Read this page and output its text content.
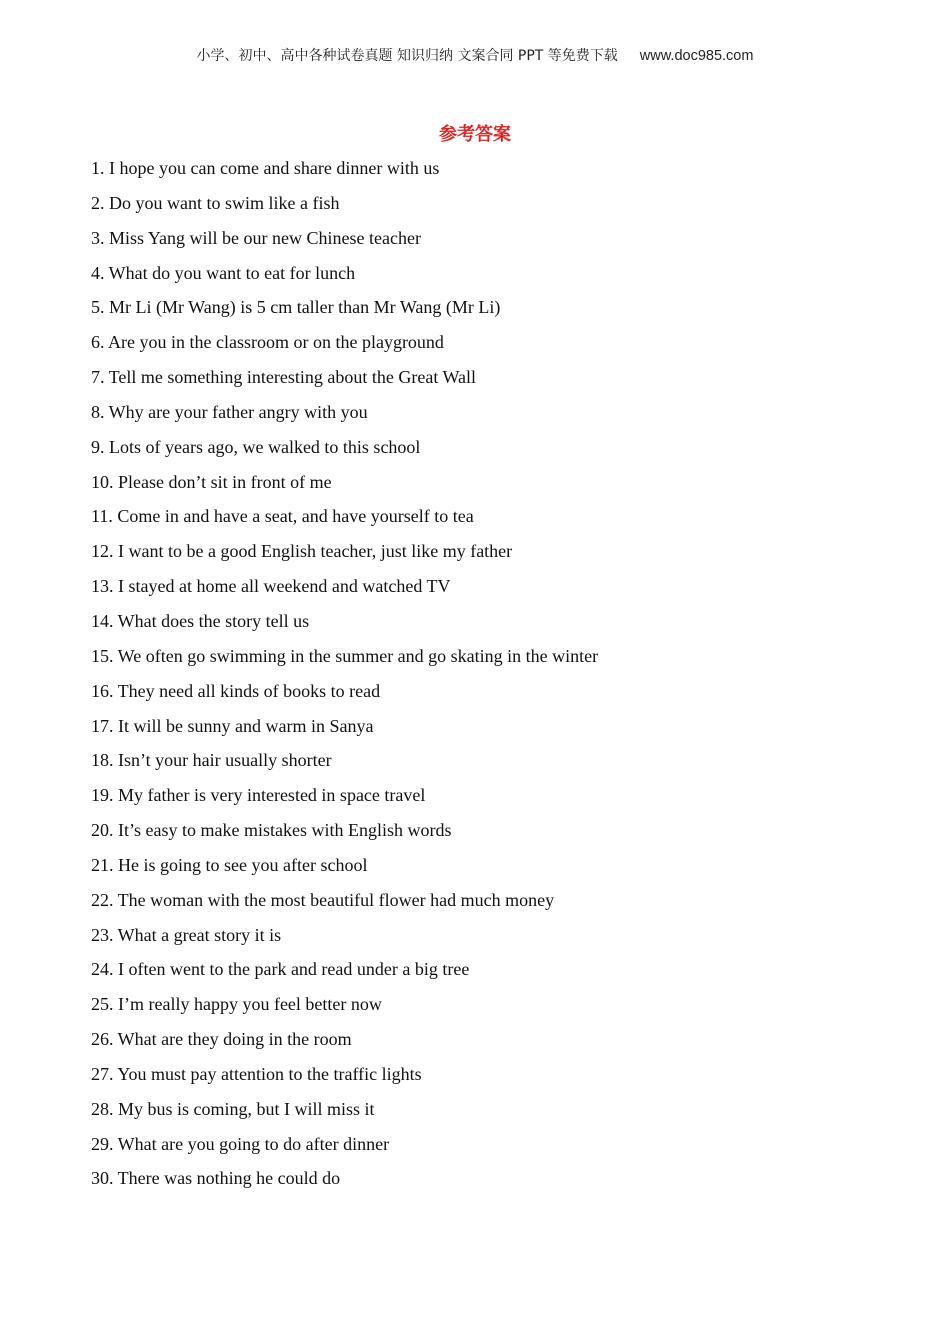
小学、初中、高中各种试卷真题 知识归纳 文案合同 PPT 等免费下载 www.doc985.com
参考答案
1. I hope you can come and share dinner with us
2. Do you want to swim like a fish
3. Miss Yang will be our new Chinese teacher
4. What do you want to eat for lunch
5. Mr Li (Mr Wang) is 5 cm taller than Mr Wang (Mr Li)
6. Are you in the classroom or on the playground
7. Tell me something interesting about the Great Wall
8. Why are your father angry with you
9. Lots of years ago, we walked to this school
10. Please don’t sit in front of me
11. Come in and have a seat, and have yourself to tea
12. I want to be a good English teacher, just like my father
13. I stayed at home all weekend and watched TV
14. What does the story tell us
15. We often go swimming in the summer and go skating in the winter
16. They need all kinds of books to read
17. It will be sunny and warm in Sanya
18. Isn’t your hair usually shorter
19. My father is very interested in space travel
20. It’s easy to make mistakes with English words
21. He is going to see you after school
22. The woman with the most beautiful flower had much money
23. What a great story it is
24. I often went to the park and read under a big tree
25. I’m really happy you feel better now
26. What are they doing in the room
27. You must pay attention to the traffic lights
28. My bus is coming, but I will miss it
29. What are you going to do after dinner
30. There was nothing he could do
